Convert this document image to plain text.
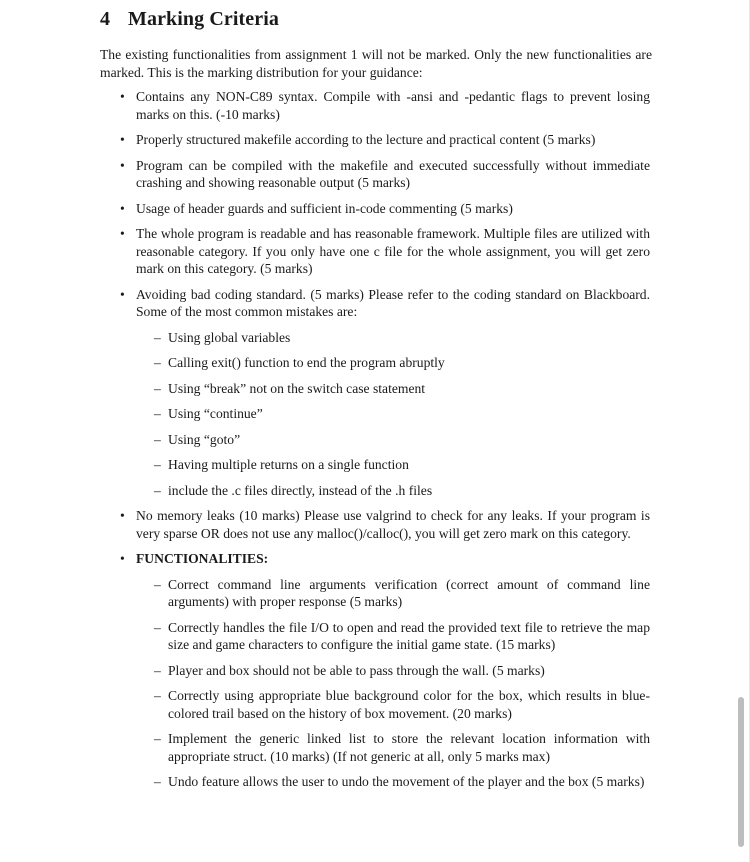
4 Marking Criteria

The existing functionalities from assignment 1 will not be marked. Only the new functionalities are marked. This is the marking distribution for your guidance:

• Contains any NON-C89 syntax. Compile with -ansi and -pedantic flags to prevent losing marks on this. (-10 marks)
• Properly structured makefile according to the lecture and practical content (5 marks)
• Program can be compiled with the makefile and executed successfully without immediate crashing and showing reasonable output (5 marks)
• Usage of header guards and sufficient in-code commenting (5 marks)
• The whole program is readable and has reasonable framework. Multiple files are utilized with reasonable category. If you only have one c file for the whole assignment, you will get zero mark on this category. (5 marks)
• Avoiding bad coding standard. (5 marks) Please refer to the coding standard on Blackboard. Some of the most common mistakes are:
– Using global variables
– Calling exit() function to end the program abruptly
– Using “break” not on the switch case statement
– Using “continue”
– Using “goto”
– Having multiple returns on a single function
– include the .c files directly, instead of the .h files
• No memory leaks (10 marks) Please use valgrind to check for any leaks. If your program is very sparse OR does not use any malloc()/calloc(), you will get zero mark on this category.
• FUNCTIONALITIES:
– Correct command line arguments verification (correct amount of command line arguments) with proper response (5 marks)
– Correctly handles the file I/O to open and read the provided text file to retrieve the map size and game characters to configure the initial game state. (15 marks)
– Player and box should not be able to pass through the wall. (5 marks)
– Correctly using appropriate blue background color for the box, which results in blue-colored trail based on the history of box movement. (20 marks)
– Implement the generic linked list to store the relevant location information with appropriate struct. (10 marks) (If not generic at all, only 5 marks max)
– Undo feature allows the user to undo the movement of the player and the box (5 marks)
